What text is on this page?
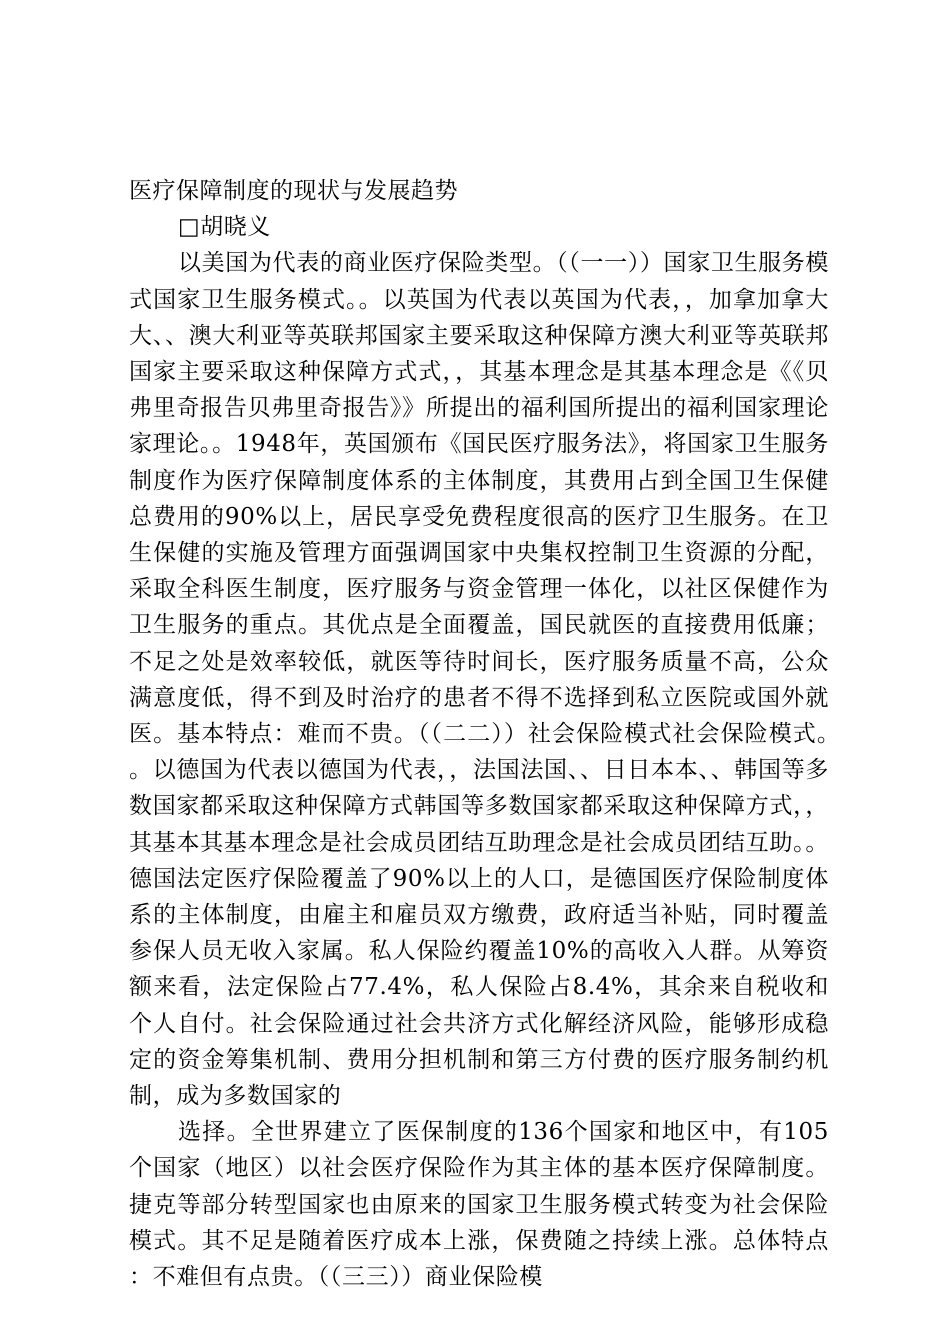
医疗保障制度的现状与发展趋势

□胡晓义

以美国为代表的商业医疗保险类型。（（一一））国家卫生服务模式国家卫生服务模式。。以英国为代表以英国为代表，，加拿加拿大大、、澳大利亚等英联邦国家主要采取这种保障方澳大利亚等英联邦国家主要采取这种保障方式式，，其基本理念是其基本理念是《《贝弗里奇报告贝弗里奇报告》》所提出的福利国所提出的福利国家理论家理论。。1948年，英国颁布《国民医疗服务法》，将国家卫生服务制度作为医疗保障制度体系的主体制度，其费用占到全国卫生保健总费用的90%以上，居民享受免费程度很高的医疗卫生服务。在卫生保健的实施及管理方面强调国家中央集权控制卫生资源的分配，采取全科医生制度，医疗服务与资金管理一体化，以社区保健作为卫生服务的重点。其优点是全面覆盖，国民就医的直接费用低廉；不足之处是效率较低，就医等待时间长，医疗服务质量不高，公众满意度低，得不到及时治疗的患者不得不选择到私立医院或国外就医。基本特点：难而不贵。（（二二））社会保险模式社会保险模式。。以德国为代表以德国为代表，，法国法国、、日日本本、、韩国等多数国家都采取这种保障方式韩国等多数国家都采取这种保障方式，，其基本其基本理念是社会成员团结互助理念是社会成员团结互助。。德国法定医疗保险覆盖了90%以上的人口，是德国医疗保险制度体系的主体制度，由雇主和雇员双方缴费，政府适当补贴，同时覆盖参保人员无收入家属。私人保险约覆盖10%的高收入人群。从筹资额来看，法定保险占77.4%，私人保险占8.4%，其余来自税收和个人自付。社会保险通过社会共济方式化解经济风险，能够形成稳定的资金筹集机制、费用分担机制和第三方付费的医疗服务制约机制，成为多数国家的

选择。全世界建立了医保制度的136个国家和地区中，有105个国家（地区）以社会医疗保险作为其主体的基本医疗保障制度。捷克等部分转型国家也由原来的国家卫生服务模式转变为社会保险模式。其不足是随着医疗成本上涨，保费随之持续上涨。总体特点：不难但有点贵。（（三三））商业保险模
